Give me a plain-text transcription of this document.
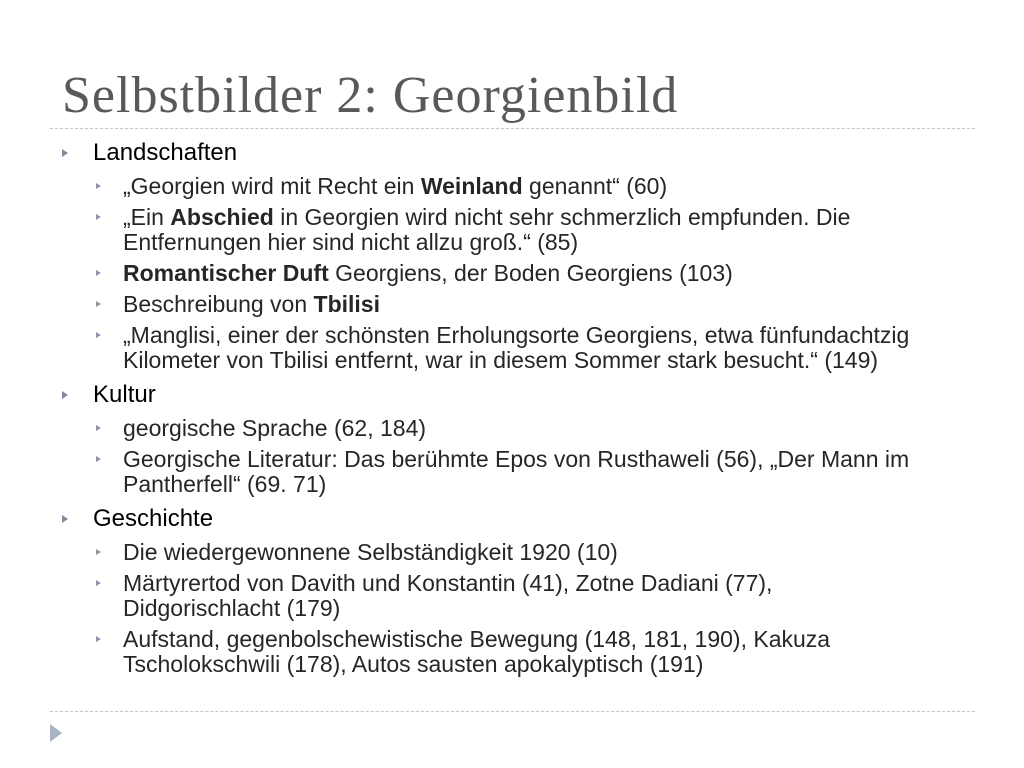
Selbstbilder 2: Georgienbild
Landschaften
„Georgien wird mit Recht ein Weinland genannt“ (60)
„Ein Abschied in Georgien wird nicht sehr schmerzlich empfunden. Die
Entfernungen hier sind nicht allzu groß.“ (85)
Romantischer Duft Georgiens, der Boden Georgiens (103)
Beschreibung von Tbilisi
„Manglisi, einer der schönsten Erholungsorte Georgiens, etwa fünfundachtzig
Kilometer von Tbilisi entfernt, war in diesem Sommer stark besucht.“ (149)
Kultur
georgische Sprache (62, 184)
Georgische Literatur: Das berühmte Epos von Rusthaweli (56), „Der Mann im
Pantherfell“ (69. 71)
Geschichte
Die wiedergewonnene Selbständigkeit 1920 (10)
Märtyrertod von Davith und Konstantin (41), Zotne Dadiani (77),
Didgorischlacht (179)
Aufstand, gegenbolschewistische Bewegung (148, 181, 190), Kakuza
Tscholokschwili (178), Autos sausten apokalyptisch (191)
